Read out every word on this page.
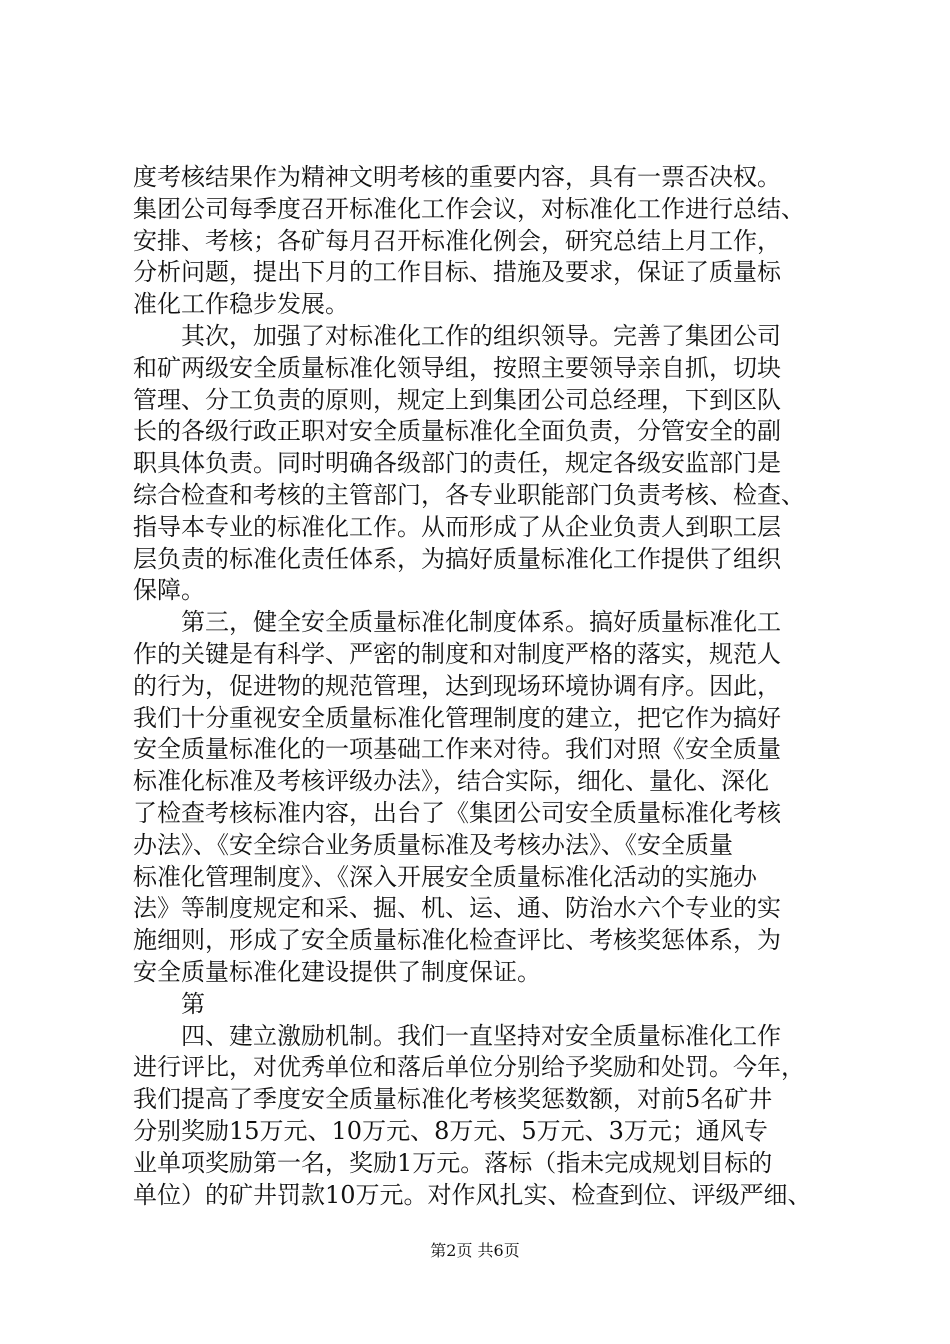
度考核结果作为精神文明考核的重要内容，具有一票否决权。
集团公司每季度召开标准化工作会议，对标准化工作进行总结、
安排、考核；各矿每月召开标准化例会，研究总结上月工作，
分析问题，提出下月的工作目标、措施及要求，保证了质量标
准化工作稳步发展。
　　其次，加强了对标准化工作的组织领导。完善了集团公司
和矿两级安全质量标准化领导组，按照主要领导亲自抓，切块
管理、分工负责的原则，规定上到集团公司总经理，下到区队
长的各级行政正职对安全质量标准化全面负责，分管安全的副
职具体负责。同时明确各级部门的责任，规定各级安监部门是
综合检查和考核的主管部门，各专业职能部门负责考核、检查、
指导本专业的标准化工作。从而形成了从企业负责人到职工层
层负责的标准化责任体系，为搞好质量标准化工作提供了组织
保障。
　　第三，健全安全质量标准化制度体系。搞好质量标准化工
作的关键是有科学、严密的制度和对制度严格的落实，规范人
的行为，促进物的规范管理，达到现场环境协调有序。因此，
我们十分重视安全质量标准化管理制度的建立，把它作为搞好
安全质量标准化的一项基础工作来对待。我们对照《安全质量
标准化标准及考核评级办法》，结合实际，细化、量化、深化
了检查考核标准内容，出台了《集团公司安全质量标准化考核
办法》、《安全综合业务质量标准及考核办法》、《安全质量
标准化管理制度》、《深入开展安全质量标准化活动的实施办
法》等制度规定和采、掘、机、运、通、防治水六个专业的实
施细则，形成了安全质量标准化检查评比、考核奖惩体系，为
安全质量标准化建设提供了制度保证。
　　第
　　四、建立激励机制。我们一直坚持对安全质量标准化工作
进行评比，对优秀单位和落后单位分别给予奖励和处罚。今年，
我们提高了季度安全质量标准化考核奖惩数额，对前5名矿井
分别奖励15万元、10万元、8万元、5万元、3万元；通风专
业单项奖励第一名，奖励1万元。落标（指未完成规划目标的
单位）的矿井罚款10万元。对作风扎实、检查到位、评级严细、
第2页 共6页
